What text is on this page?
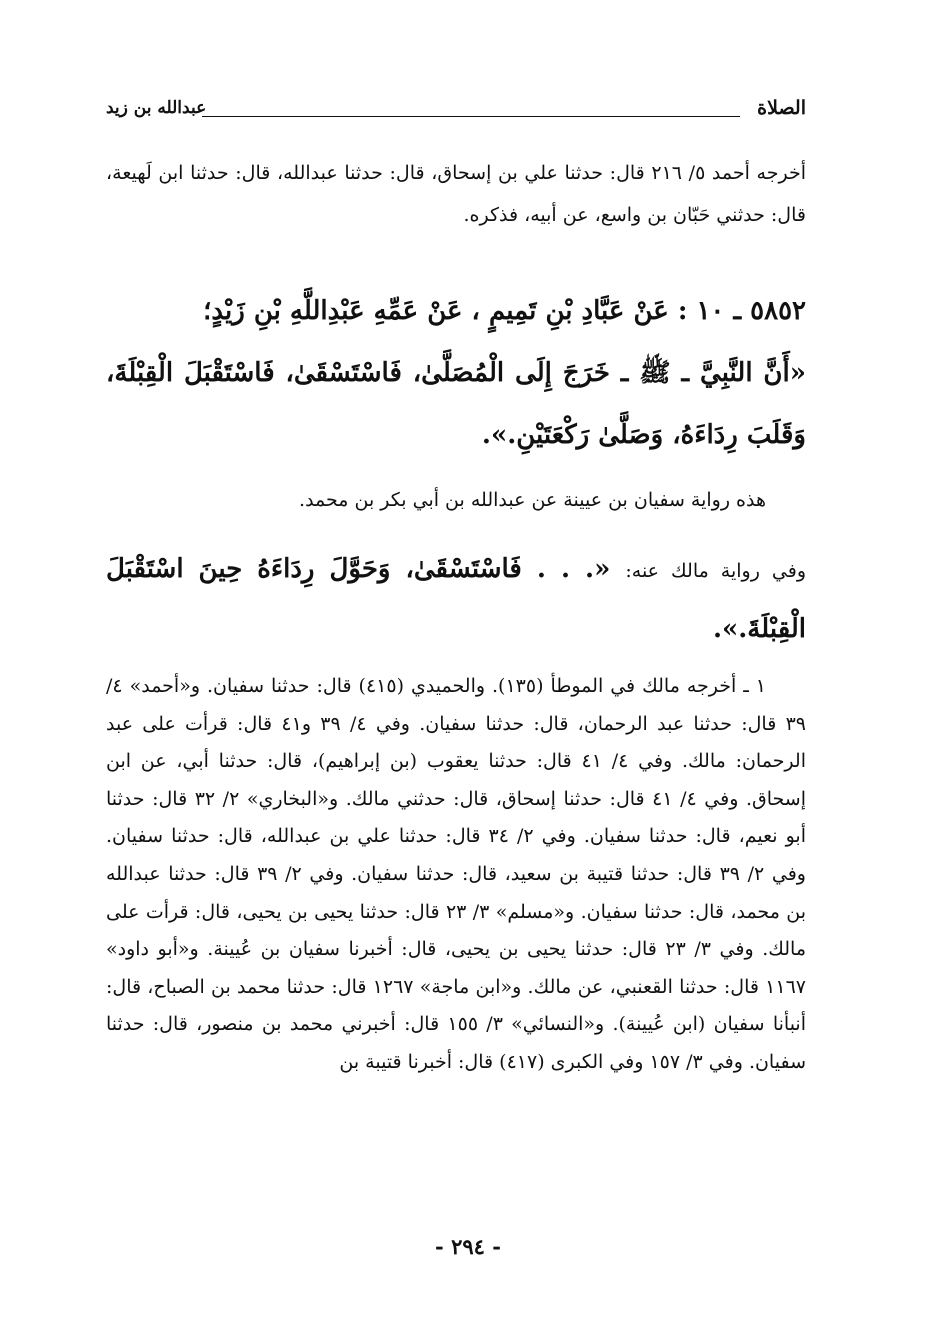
الصلاة
عبدالله بن زيد
أخرجه أحمد ٥/ ٢١٦ قال: حدثنا علي بن إسحاق، قال: حدثنا عبدالله، قال: حدثنا ابن لَهيعة، قال: حدثني حَبّان بن واسع، عن أبيه، فذكره.
٥٨٥٢ ـ ١٠ : عَنْ عَبَّادِ بْنِ تَمِيمٍ ، عَنْ عَمِّهِ عَبْدِاللَّهِ بْنِ زَيْدٍ؛
«أَنَّ النَّبِيَّ ـ ﷺ ـ خَرَجَ إِلَى الْمُصَلَّىٰ، فَاسْتَسْقَىٰ، فَاسْتَقْبَلَ الْقِبْلَةَ، وَقَلَبَ رِدَاءَهُ، وَصَلَّىٰ رَكْعَتَيْنِ.».
هذه رواية سفيان بن عيينة عن عبدالله بن أبي بكر بن محمد.
وفي رواية مالك عنه: «. . . فَاسْتَسْقَىٰ، وَحَوَّلَ رِدَاءَهُ حِينَ اسْتَقْبَلَ الْقِبْلَةَ.».

١ ـ أخرجه مالك في الموطأ (١٣٥). والحميدي (٤١٥) قال: حدثنا سفيان. و«أحمد» ٤/ ٣٩ قال: حدثنا عبد الرحمان، قال: حدثنا سفيان. وفي ٤/ ٣٩ و٤١ قال: قرأت على عبد الرحمان: مالك. وفي ٤/ ٤١ قال: حدثنا يعقوب (بن إبراهيم)، قال: حدثنا أبي، عن ابن إسحاق. وفي ٤/ ٤١ قال: حدثنا إسحاق، قال: حدثني مالك. و«البخاري» ٢/ ٣٢ قال: حدثنا أبو نعيم، قال: حدثنا سفيان. وفي ٢/ ٣٤ قال: حدثنا علي بن عبدالله، قال: حدثنا سفيان. وفي ٢/ ٣٩ قال: حدثنا قتيبة بن سعيد، قال: حدثنا سفيان. وفي ٢/ ٣٩ قال: حدثنا عبدالله بن محمد، قال: حدثنا سفيان. و«مسلم» ٣/ ٢٣ قال: حدثنا يحيى بن يحيى، قال: قرأت على مالك. وفي ٣/ ٢٣ قال: حدثنا يحيى بن يحيى، قال: أخبرنا سفيان بن عُيينة. و«أبو داود» ١١٦٧ قال: حدثنا القعنبي، عن مالك. و«ابن ماجة» ١٢٦٧ قال: حدثنا محمد بن الصباح، قال: أنبأنا سفيان (ابن عُيينة). و«النسائي» ٣/ ١٥٥ قال: أخبرني محمد بن منصور، قال: حدثنا سفيان. وفي ٣/ ١٥٧ وفي الكبرى (٤١٧) قال: أخبرنا قتيبة بن

- ٢٩٤ -
